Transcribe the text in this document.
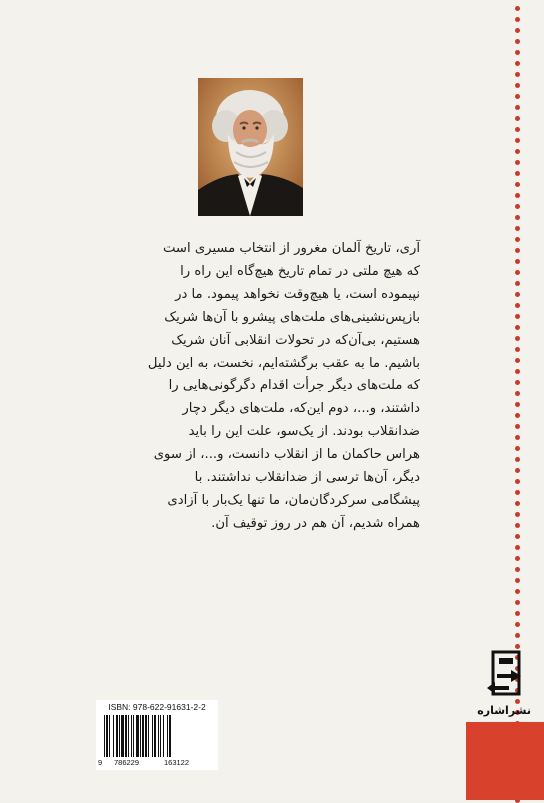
آری، تاریخ آلمان مغرور از انتخاب مسیری است
که هیچ ملتی در تمام تاریخ هیچ‌گاه این راه را
نپیموده است، یا هیچ‌وقت نخواهد پیمود. ما در
بازپس‌نشینی‌های ملت‌های پیشرو با آن‌ها شریک
هستیم، بی‌آن‌که در تحولات انقلابی آنان شریک
باشیم. ما به عقب برگشته‌ایم، نخست، به این دلیل
که ملت‌های دیگر جرأت اقدام دگرگونی‌هایی را
داشتند، و...، دوم این‌که، ملت‌های دیگر دچار
ضدانقلاب بودند. از یک‌سو، علت این را باید
هراس حاکمان ما از انقلاب دانست، و...، از سوی
دیگر، آن‌ها ترسی از ضدانقلاب نداشتند. با
پیشگامی سرکردگان‌مان، ما تنها یک‌بار با آزادی
همراه شدیم، آن هم در روز توقیف آن.
نشراشاره
ISBN: 978-622-91631-2-2
9 786229	163122
